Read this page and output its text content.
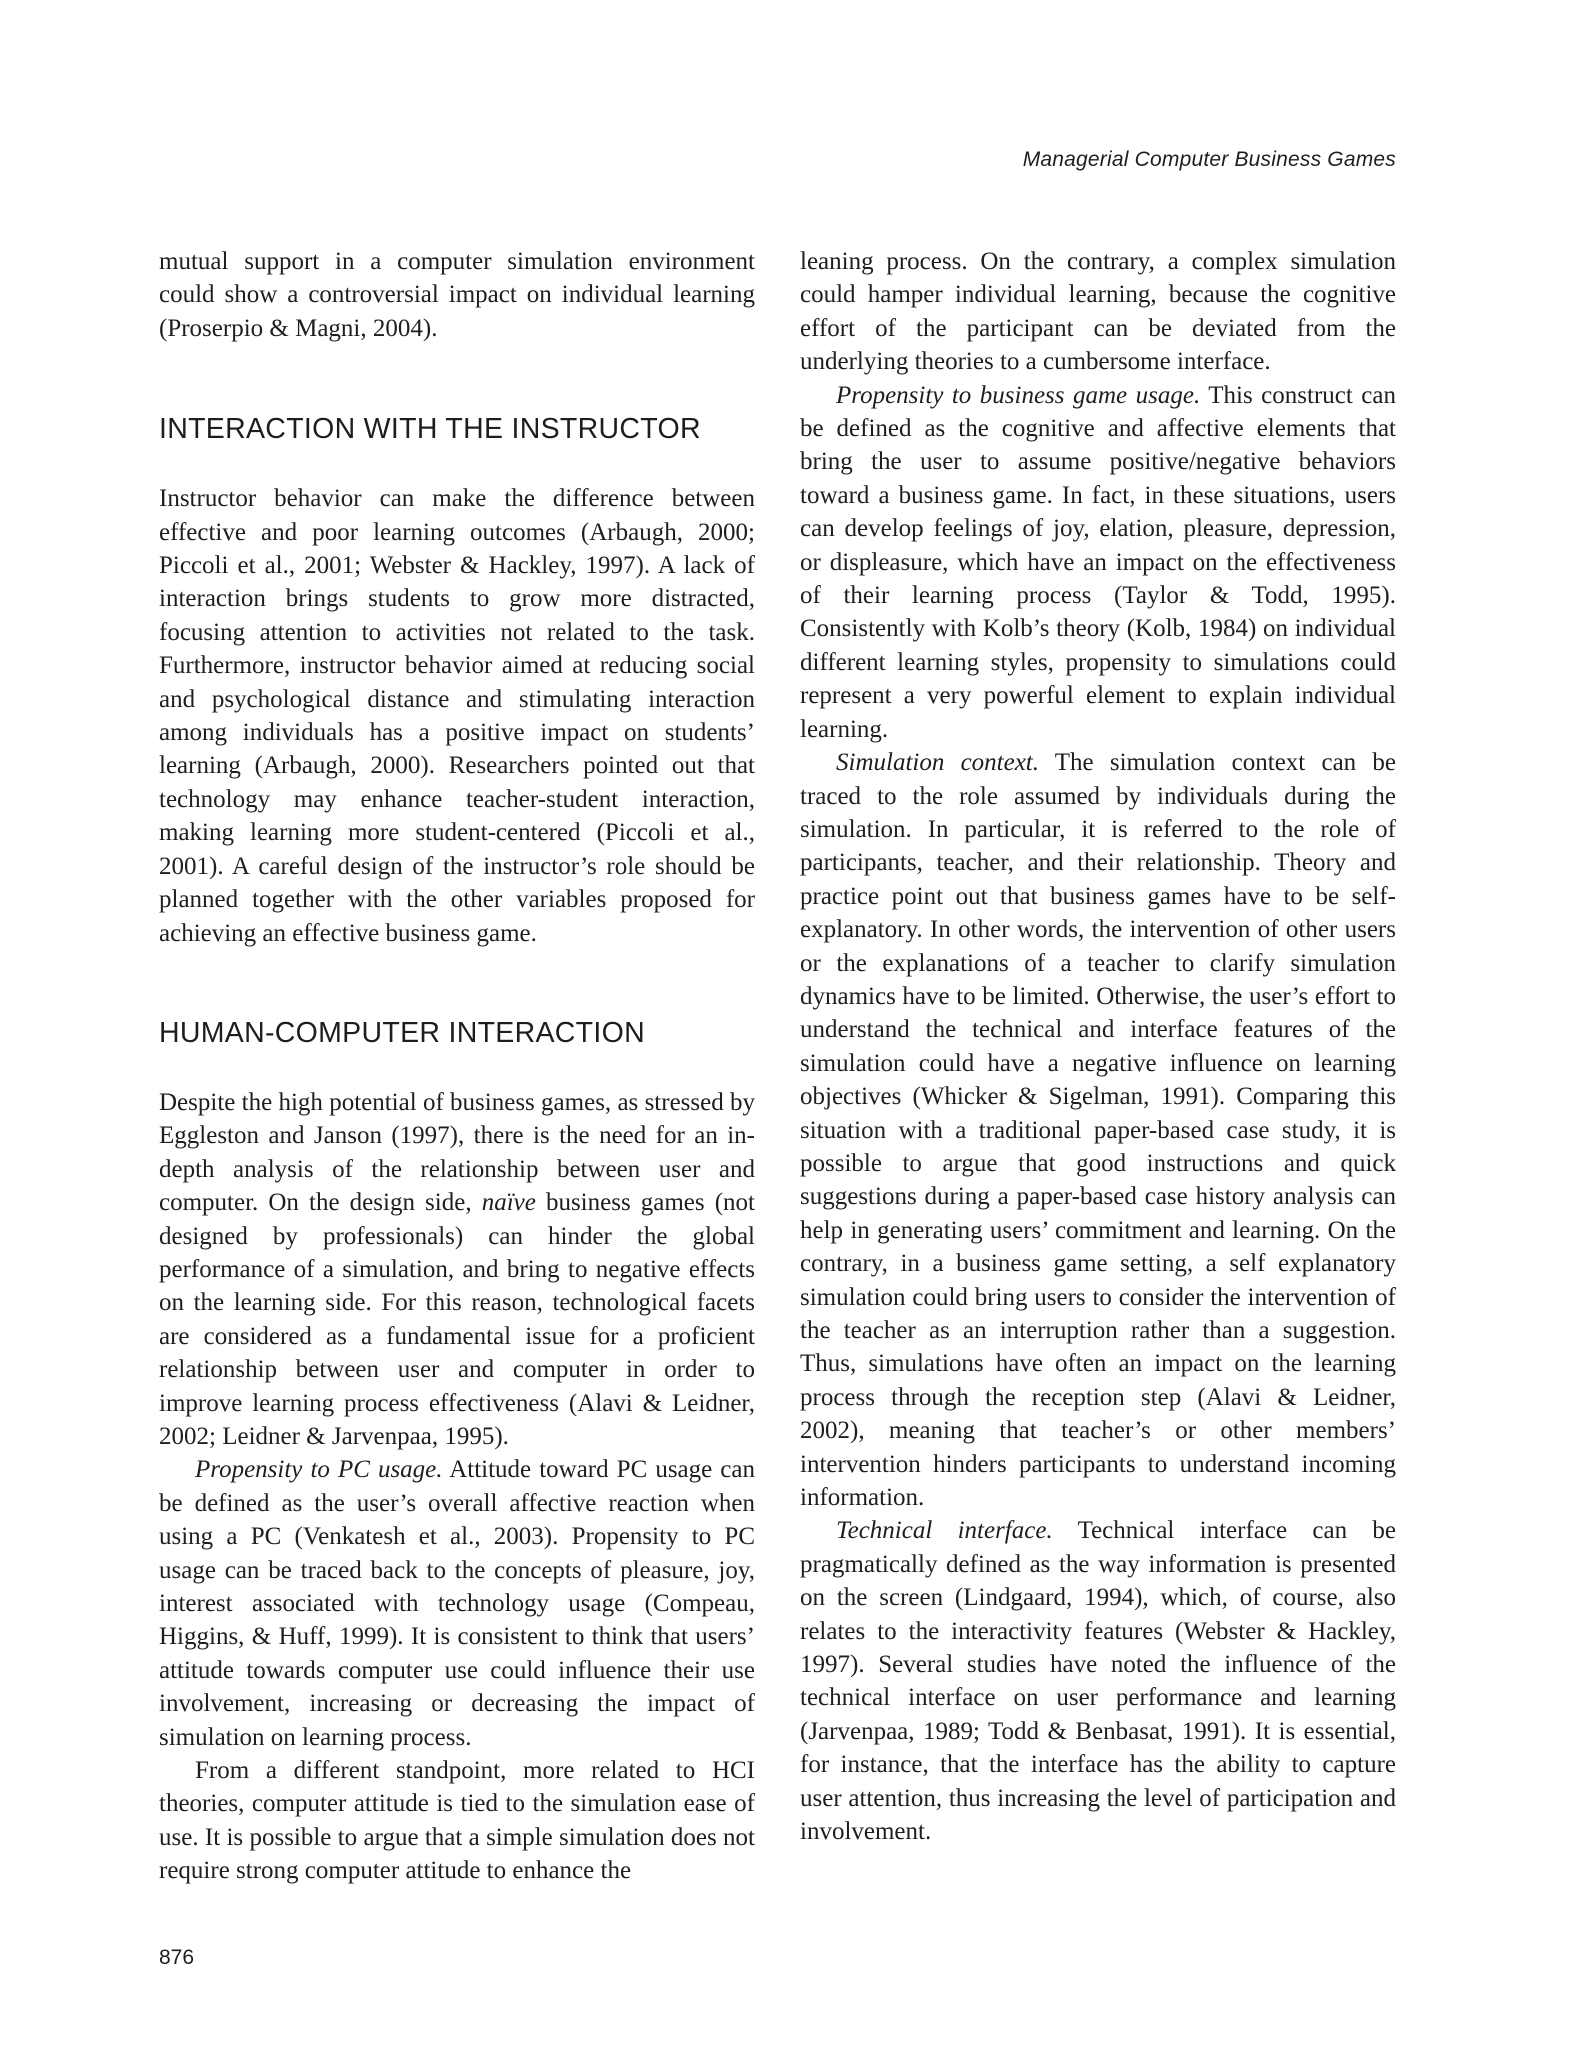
Managerial Computer Business Games

mutual support in a computer simulation environment could show a controversial impact on individual learning (Proserpio & Magni, 2004).

INTERACTION WITH THE INSTRUCTOR

Instructor behavior can make the difference between effective and poor learning outcomes (Arbaugh, 2000; Piccoli et al., 2001; Webster & Hackley, 1997). A lack of interaction brings students to grow more distracted, focusing attention to activities not related to the task. Furthermore, instructor behavior aimed at reducing social and psychological distance and stimulating interaction among individuals has a positive impact on students’ learning (Arbaugh, 2000). Researchers pointed out that technology may enhance teacher-student interaction, making learning more student-centered (Piccoli et al., 2001). A careful design of the instructor’s role should be planned together with the other variables proposed for achieving an effective business game.

HUMAN-COMPUTER INTERACTION

Despite the high potential of business games, as stressed by Eggleston and Janson (1997), there is the need for an in-depth analysis of the relationship between user and computer. On the design side, naïve business games (not designed by professionals) can hinder the global performance of a simulation, and bring to negative effects on the learning side. For this reason, technological facets are considered as a fundamental issue for a proficient relationship between user and computer in order to improve learning process effectiveness (Alavi & Leidner, 2002; Leidner & Jarvenpaa, 1995).

Propensity to PC usage. Attitude toward PC usage can be defined as the user’s overall affective reaction when using a PC (Venkatesh et al., 2003). Propensity to PC usage can be traced back to the concepts of pleasure, joy, interest associated with technology usage (Compeau, Higgins, & Huff, 1999). It is consistent to think that users’ attitude towards computer use could influence their use involvement, increasing or decreasing the impact of simulation on learning process.

From a different standpoint, more related to HCI theories, computer attitude is tied to the simulation ease of use. It is possible to argue that a simple simulation does not require strong computer attitude to enhance the

leaning process. On the contrary, a complex simulation could hamper individual learning, because the cognitive effort of the participant can be deviated from the underlying theories to a cumbersome interface.

Propensity to business game usage. This construct can be defined as the cognitive and affective elements that bring the user to assume positive/negative behaviors toward a business game. In fact, in these situations, users can develop feelings of joy, elation, pleasure, depression, or displeasure, which have an impact on the effectiveness of their learning process (Taylor & Todd, 1995). Consistently with Kolb’s theory (Kolb, 1984) on individual different learning styles, propensity to simulations could represent a very powerful element to explain individual learning.

Simulation context. The simulation context can be traced to the role assumed by individuals during the simulation. In particular, it is referred to the role of participants, teacher, and their relationship. Theory and practice point out that business games have to be self-explanatory. In other words, the intervention of other users or the explanations of a teacher to clarify simulation dynamics have to be limited. Otherwise, the user’s effort to understand the technical and interface features of the simulation could have a negative influence on learning objectives (Whicker & Sigelman, 1991). Comparing this situation with a traditional paper-based case study, it is possible to argue that good instructions and quick suggestions during a paper-based case history analysis can help in generating users’ commitment and learning. On the contrary, in a business game setting, a self explanatory simulation could bring users to consider the intervention of the teacher as an interruption rather than a suggestion. Thus, simulations have often an impact on the learning process through the reception step (Alavi & Leidner, 2002), meaning that teacher’s or other members’ intervention hinders participants to understand incoming information.

Technical interface. Technical interface can be pragmatically defined as the way information is presented on the screen (Lindgaard, 1994), which, of course, also relates to the interactivity features (Webster & Hackley, 1997). Several studies have noted the influence of the technical interface on user performance and learning (Jarvenpaa, 1989; Todd & Benbasat, 1991). It is essential, for instance, that the interface has the ability to capture user attention, thus increasing the level of participation and involvement.

876
